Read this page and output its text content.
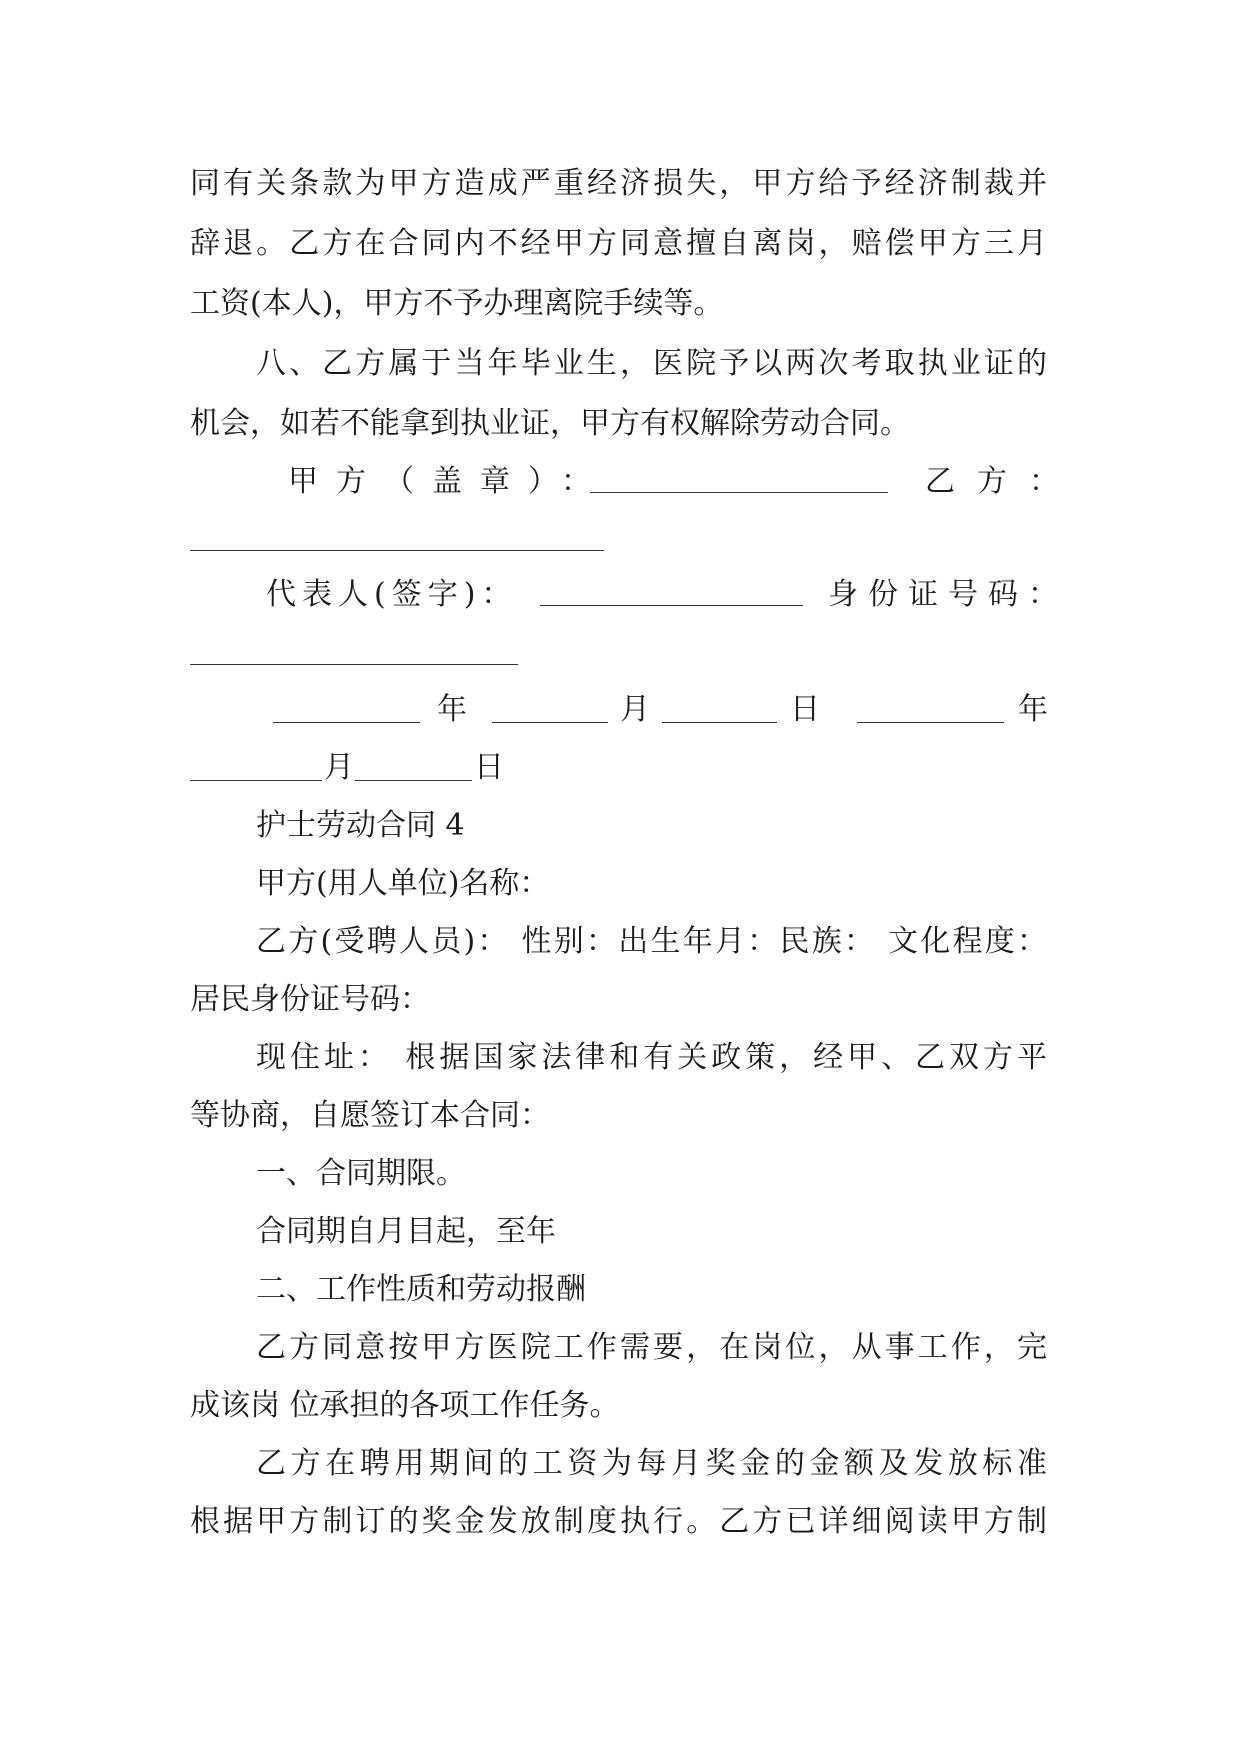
同有关条款为甲方造成严重经济损失，甲方给予经济制裁并
辞退。乙方在合同内不经甲方同意擅自离岗，赔偿甲方三月
工资(本人)，甲方不予办理离院手续等。
八、乙方属于当年毕业生，医院予以两次考取执业证的
机会，如若不能拿到执业证，甲方有权解除劳动合同。
甲方（盖章）：	乙方：
代表人(签字)：	身份证号码：
年	月	日	年
月	日
护士劳动合同 4
甲方(用人单位)名称：
乙方(受聘人员)： 性别：出生年月：民族： 文化程度：
居民身份证号码：
现住址： 根据国家法律和有关政策，经甲、乙双方平
等协商，自愿签订本合同：
一、合同期限。
合同期自月目起，至年
二、工作性质和劳动报酬
乙方同意按甲方医院工作需要，在岗位，从事工作，完
成该岗 位承担的各项工作任务。
乙方在聘用期间的工资为每月奖金的金额及发放标准
根据甲方制订的奖金发放制度执行。乙方已详细阅读甲方制
